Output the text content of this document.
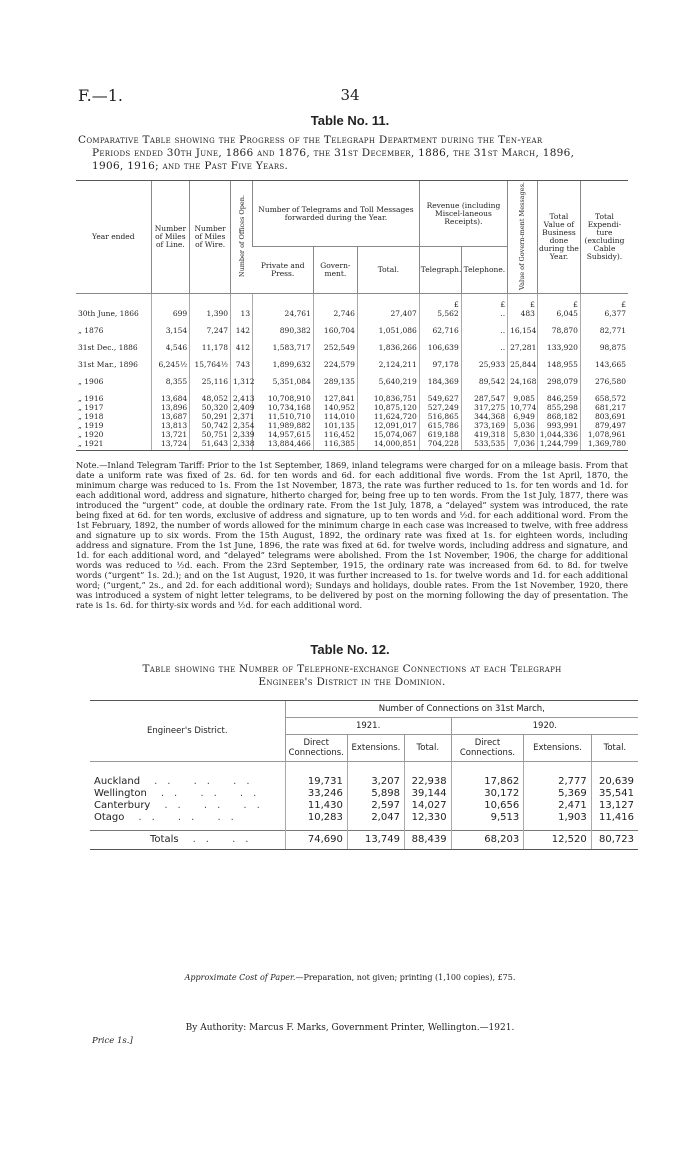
F.—1.	34
Table No. 11.
Comparative Table showing the Progress of the Telegraph Department during the Ten-year
Periods ended 30th June, 1866 and 1876, the 31st December, 1886, the 31st March, 1896,
1906, 1916; and the Past Five Years.
Year ended	Number of Miles of Line.	Number of Miles of Wire.	Number of Offices Open.	Number of Telegrams and Toll Messages forwarded during the Year.			Revenue (including Miscel-laneous Receipts).		Value of Govern-ment Messages.	Total Value of Business done during the Year.	Total Expendi-ture (excluding Cable Subsidy).
				Private and Press.	Govern-ment.	Total.	Telegraph.	Telephone.			
							£	£	£	£	£
30th June, 1866	699	1,390	13	24,761	2,746	27,407	5,562	..	483	6,045	6,377
„ 1876	3,154	7,247	142	890,382	160,704	1,051,086	62,716	..	16,154	78,870	82,771
31st Dec., 1886	4,546	11,178	412	1,583,717	252,549	1,836,266	106,639	..	27,281	133,920	98,875
31st Mar., 1896	6,245½	15,764½	743	1,899,632	224,579	2,124,211	97,178	25,933	25,844	148,955	143,665
„ 1906	8,355	25,116	1,312	5,351,084	289,135	5,640,219	184,369	89,542	24,168	298,079	276,580
„ 1916	13,684	48,052	2,413	10,708,910	127,841	10,836,751	549,627	287,547	9,085	846,259	658,572
„ 1917	13,896	50,320	2,409	10,734,168	140,952	10,875,120	527,249	317,275	10,774	855,298	681,217
„ 1918	13,687	50,291	2,371	11,510,710	114,010	11,624,720	516,865	344,368	6,949	868,182	803,691
„ 1919	13,813	50,742	2,354	11,989,882	101,135	12,091,017	615,786	373,169	5,036	993,991	879,497
„ 1920	13,721	50,751	2,339	14,957,615	116,452	15,074,067	619,188	419,318	5,830	1,044,336	1,078,961
„ 1921	13,724	51,643	2,338	13,884,466	116,385	14,000,851	704,228	533,535	7,036	1,244,799	1,369,780
Note.—Inland Telegram Tariff: Prior to the 1st September, 1869, inland telegrams were charged for on a mileage basis. From that date a uniform rate was fixed of 2s. 6d. for ten words and 6d. for each additional five words. From the 1st April, 1870, the minimum charge was reduced to 1s. From the 1st November, 1873, the rate was further reduced to 1s. for ten words and 1d. for each additional word, address and signature, hitherto charged for, being free up to ten words. From the 1st July, 1877, there was introduced the “urgent” code, at double the ordinary rate. From the 1st July, 1878, a “delayed” system was introduced, the rate being fixed at 6d. for ten words, exclusive of address and signature, up to ten words and ½d. for each additional word. From the 1st February, 1892, the number of words allowed for the minimum charge in each case was increased to twelve, with free address and signature up to six words. From the 15th August, 1892, the ordinary rate was fixed at 1s. for eighteen words, including address and signature. From the 1st June, 1896, the rate was fixed at 6d. for twelve words, including address and signature, and 1d. for each additional word, and “delayed” telegrams were abolished. From the 1st November, 1906, the charge for additional words was reduced to ½d. each. From the 23rd September, 1915, the ordinary rate was increased from 6d. to 8d. for twelve words (“urgent” 1s. 2d.); and on the 1st August, 1920, it was further increased to 1s. for twelve words and 1d. for each additional word; (“urgent,” 2s., and 2d. for each additional word); Sundays and holidays, double rates. From the 1st November, 1920, there was introduced a system of night letter telegrams, to be delivered by post on the morning following the day of presentation. The rate is 1s. 6d. for thirty-six words and ½d. for each additional word.
Table No. 12.
Table showing the Number of Telephone-exchange Connections at each Telegraph
Engineer's District in the Dominion.
Engineer's District.	Number of Connections on 31st March,					
	1921.			1920.		
	Direct Connections.	Extensions.	Total.	Direct Connections.	Extensions.	Total.
Auckland .. .. ..	19,731	3,207	22,938	17,862	2,777	20,639
Wellington .. .. ..	33,246	5,898	39,144	30,172	5,369	35,541
Canterbury .. .. ..	11,430	2,597	14,027	10,656	2,471	13,127
Otago .. .. ..	10,283	2,047	12,330	9,513	1,903	11,416

Totals .. ..	74,690	13,749	88,439	68,203	12,520	80,723
Approximate Cost of Paper.—Preparation, not given; printing (1,100 copies), £75.
By Authority: Marcus F. Marks, Government Printer, Wellington.—1921.
Price 1s.]
